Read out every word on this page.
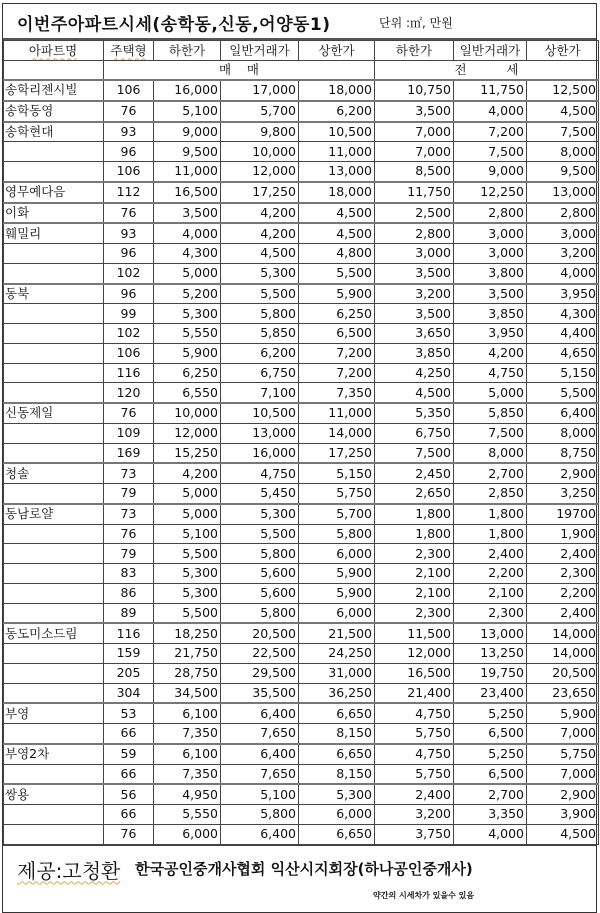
이번주아파트시세(송학동,신동,어양동1)	단위 :㎡, 만원
아파트명	주택형	하한가	일반거래가	상한가	하한가	일반거래가	상한가
	매    매				전          세		
송학리젠시빌	106	16,000	17,000	18,000	10,750	11,750	12,500
송학동영	76	5,100	5,700	6,200	3,500	4,000	4,500
송학현대	93	9,000	9,800	10,500	7,000	7,200	7,500
	96	9,500	10,000	11,000	7,000	7,500	8,000
	106	11,000	12,000	13,000	8,500	9,000	9,500
영무예다음	112	16,500	17,250	18,000	11,750	12,250	13,000
이화	76	3,500	4,200	4,500	2,500	2,800	2,800
훼밀리	93	4,000	4,200	4,500	2,800	3,000	3,000
	96	4,300	4,500	4,800	3,000	3,000	3,200
	102	5,000	5,300	5,500	3,500	3,800	4,000
동북	96	5,200	5,500	5,900	3,200	3,500	3,950
	99	5,300	5,800	6,250	3,500	3,850	4,300
	102	5,550	5,850	6,500	3,650	3,950	4,400
	106	5,900	6,200	7,200	3,850	4,200	4,650
	116	6,250	6,750	7,200	4,250	4,750	5,150
	120	6,550	7,100	7,350	4,500	5,000	5,500
신동제일	76	10,000	10,500	11,000	5,350	5,850	6,400
	109	12,000	13,000	14,000	6,750	7,500	8,000
	169	15,250	16,000	17,250	7,500	8,000	8,750
청솔	73	4,200	4,750	5,150	2,450	2,700	2,900
	79	5,000	5,450	5,750	2,650	2,850	3,250
동남로얄	73	5,000	5,300	5,700	1,800	1,800	19700
	76	5,100	5,500	5,800	1,800	1,800	1,900
	79	5,500	5,800	6,000	2,300	2,400	2,400
	83	5,300	5,600	5,900	2,100	2,200	2,300
	86	5,300	5,600	5,900	2,100	2,100	2,200
	89	5,500	5,800	6,000	2,300	2,300	2,400
동도미소드림	116	18,250	20,500	21,500	11,500	13,000	14,000
	159	21,750	22,500	24,250	12,000	13,250	14,000
	205	28,750	29,500	31,000	16,500	19,750	20,500
	304	34,500	35,500	36,250	21,400	23,400	23,650
부영	53	6,100	6,400	6,650	4,750	5,250	5,900
	66	7,350	7,650	8,150	5,750	6,500	7,000
부영2차	59	6,100	6,400	6,650	4,750	5,250	5,750
	66	7,350	7,650	8,150	5,750	6,500	7,000
쌍용	56	4,950	5,100	5,300	2,400	2,700	2,900
	66	5,550	5,800	6,000	3,200	3,350	3,900
	76	6,000	6,400	6,650	3,750	4,000	4,500
제공:고청환 한국공인중개사협회 익산시지회장(하나공인중개사)
약간의 시세차가 있을수 있음
